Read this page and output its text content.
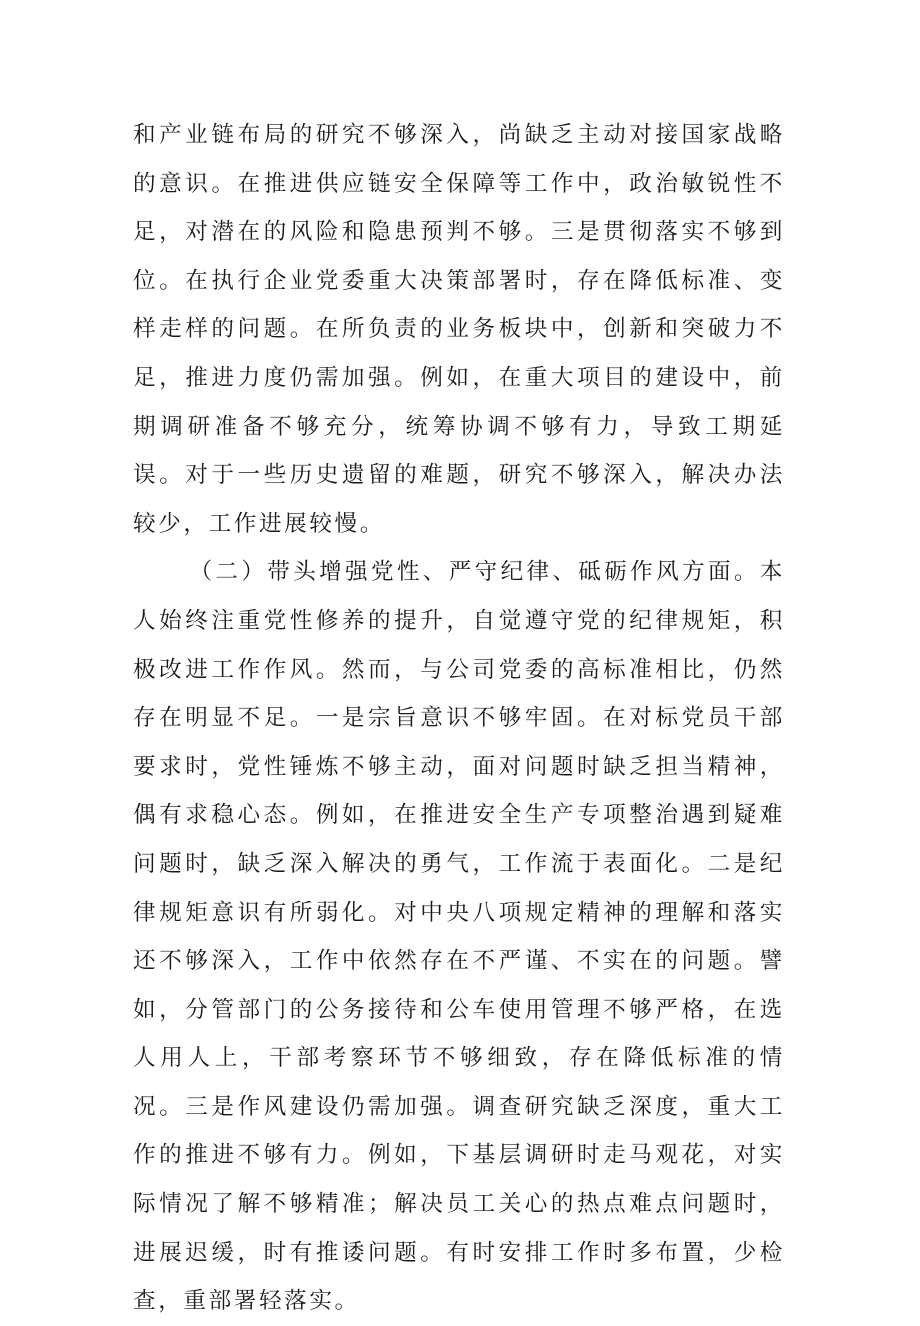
和产业链布局的研究不够深入，尚缺乏主动对接国家战略的意识。在推进供应链安全保障等工作中，政治敏锐性不足，对潜在的风险和隐患预判不够。三是贯彻落实不够到位。在执行企业党委重大决策部署时，存在降低标准、变样走样的问题。在所负责的业务板块中，创新和突破力不足，推进力度仍需加强。例如，在重大项目的建设中，前期调研准备不够充分，统筹协调不够有力，导致工期延误。对于一些历史遗留的难题，研究不够深入，解决办法较少，工作进展较慢。

（二）带头增强党性、严守纪律、砥砺作风方面。本人始终注重党性修养的提升，自觉遵守党的纪律规矩，积极改进工作作风。然而，与公司党委的高标准相比，仍然存在明显不足。一是宗旨意识不够牢固。在对标党员干部要求时，党性锤炼不够主动，面对问题时缺乏担当精神，偶有求稳心态。例如，在推进安全生产专项整治遇到疑难问题时，缺乏深入解决的勇气，工作流于表面化。二是纪律规矩意识有所弱化。对中央八项规定精神的理解和落实还不够深入，工作中依然存在不严谨、不实在的问题。譬如，分管部门的公务接待和公车使用管理不够严格，在选人用人上，干部考察环节不够细致，存在降低标准的情况。三是作风建设仍需加强。调查研究缺乏深度，重大工作的推进不够有力。例如，下基层调研时走马观花，对实际情况了解不够精准；解决员工关心的热点难点问题时，进展迟缓，时有推诿问题。有时安排工作时多布置，少检查，重部署轻落实。
